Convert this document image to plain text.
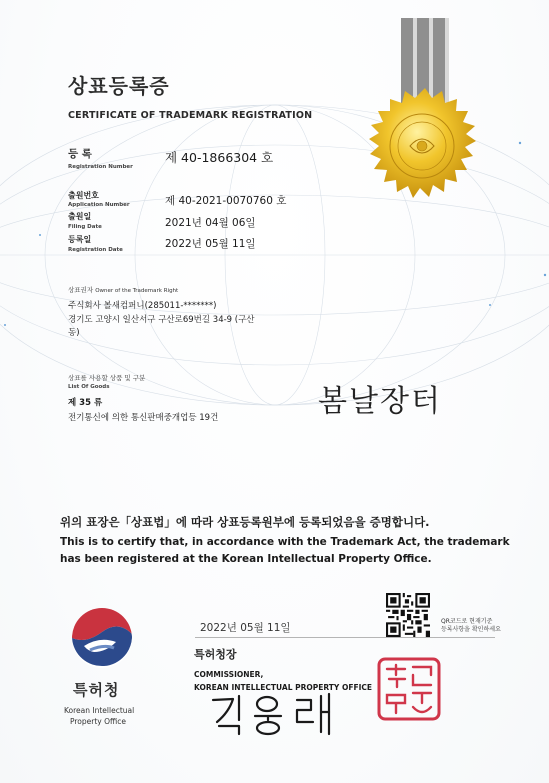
상표등록증
CERTIFICATE OF TRADEMARK REGISTRATION
등 록
Registration Number
제 40-1866304 호
출원번호
Application Number	제 40-2021-0070760 호
출원일
Filing Date	2021년 04월 06일
등록일
Registration Date	2022년 05월 11일
상표권자 Owner of the Trademark Right
주식회사 볼새컴퍼니(285011-*******)
경기도 고양시 일산서구 구산로69번길 34-9 (구산
동)
상표를 사용할 상품 및 구분
List Of Goods
제 35 류
전기통신에 의한 통신판매중개업등 19건	봄날장터
위의 표장은「상표법」에 따라 상표등록원부에 등록되었음을 증명합니다.
This is to certify that, in accordance with the Trademark Act, the trademark
has been registered at the Korean Intellectual Property Office.
2022년 05월 11일
QR코드로 현재기준
등록사항을 확인하세요
특허청장
COMMISSIONER,
KOREAN INTELLECTUAL PROPERTY OFFICE
특허청
Korean Intellectual
Property Office
